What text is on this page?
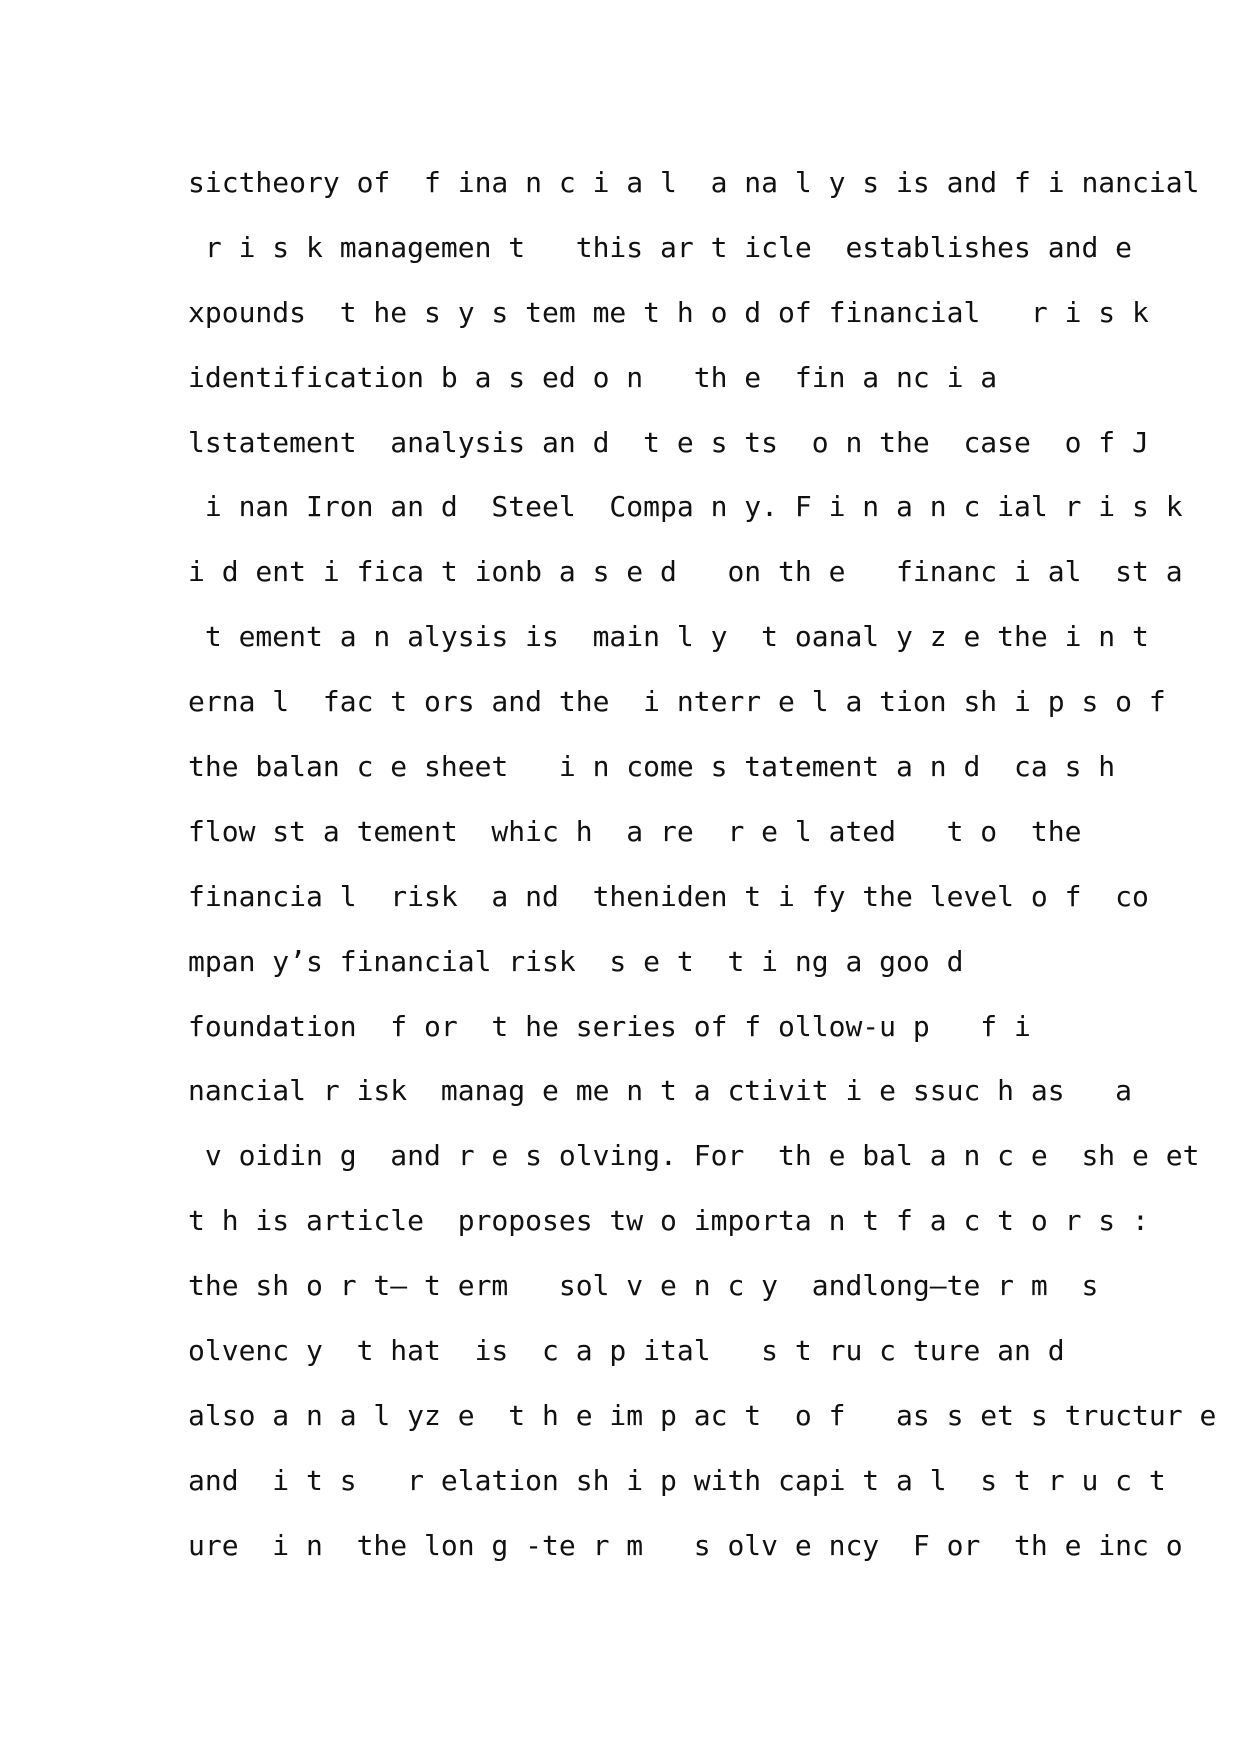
sictheory of  f ina n c i a l  a na l y s is and f i nancial
r i s k managemen t   this ar t icle  establishes and e
xpounds  t he s y s tem me t h o d of financial   r i s k
identification b a s ed o n   th e  fin a nc i a
lstatement  analysis an d  t e s ts  o n the  case  o f J
i nan Iron an d  Steel  Compa n y. F i n a n c ial r i s k
i d ent i fica t ionb a s e d   on th e   financ i al  st a
t ement a n alysis is  main l y  t oanal y z e the i n t
erna l  fac t ors and the  i nterr e l a tion sh i p s o f
the balan c e sheet   i n come s tatement a n d  ca s h
flow st a tement  whic h  a re  r e l ated   t o  the
financia l  risk  a nd  theniden t i fy the level o f  co
mpan y’s financial risk  s e t  t i ng a goo d
foundation  f or  t he series of f ollow-u p   f i
nancial r isk  manag e me n t a ctivit i e ssuc h as   a
v oidin g  and r e s olving. For  th e bal a n c e  sh e et
t h is article  proposes tw o importa n t f a c t o r s :
the sh o r t— t erm   sol v e n c y  andlong—te r m  s
olvenc y  t hat  is  c a p ital   s t ru c ture an d
also a n a l yz e  t h e im p ac t  o f   as s et s tructur e
and  i t s   r elation sh i p with capi t a l  s t r u c t
ure  i n  the lon g -te r m   s olv e ncy  F or  th e inc o
